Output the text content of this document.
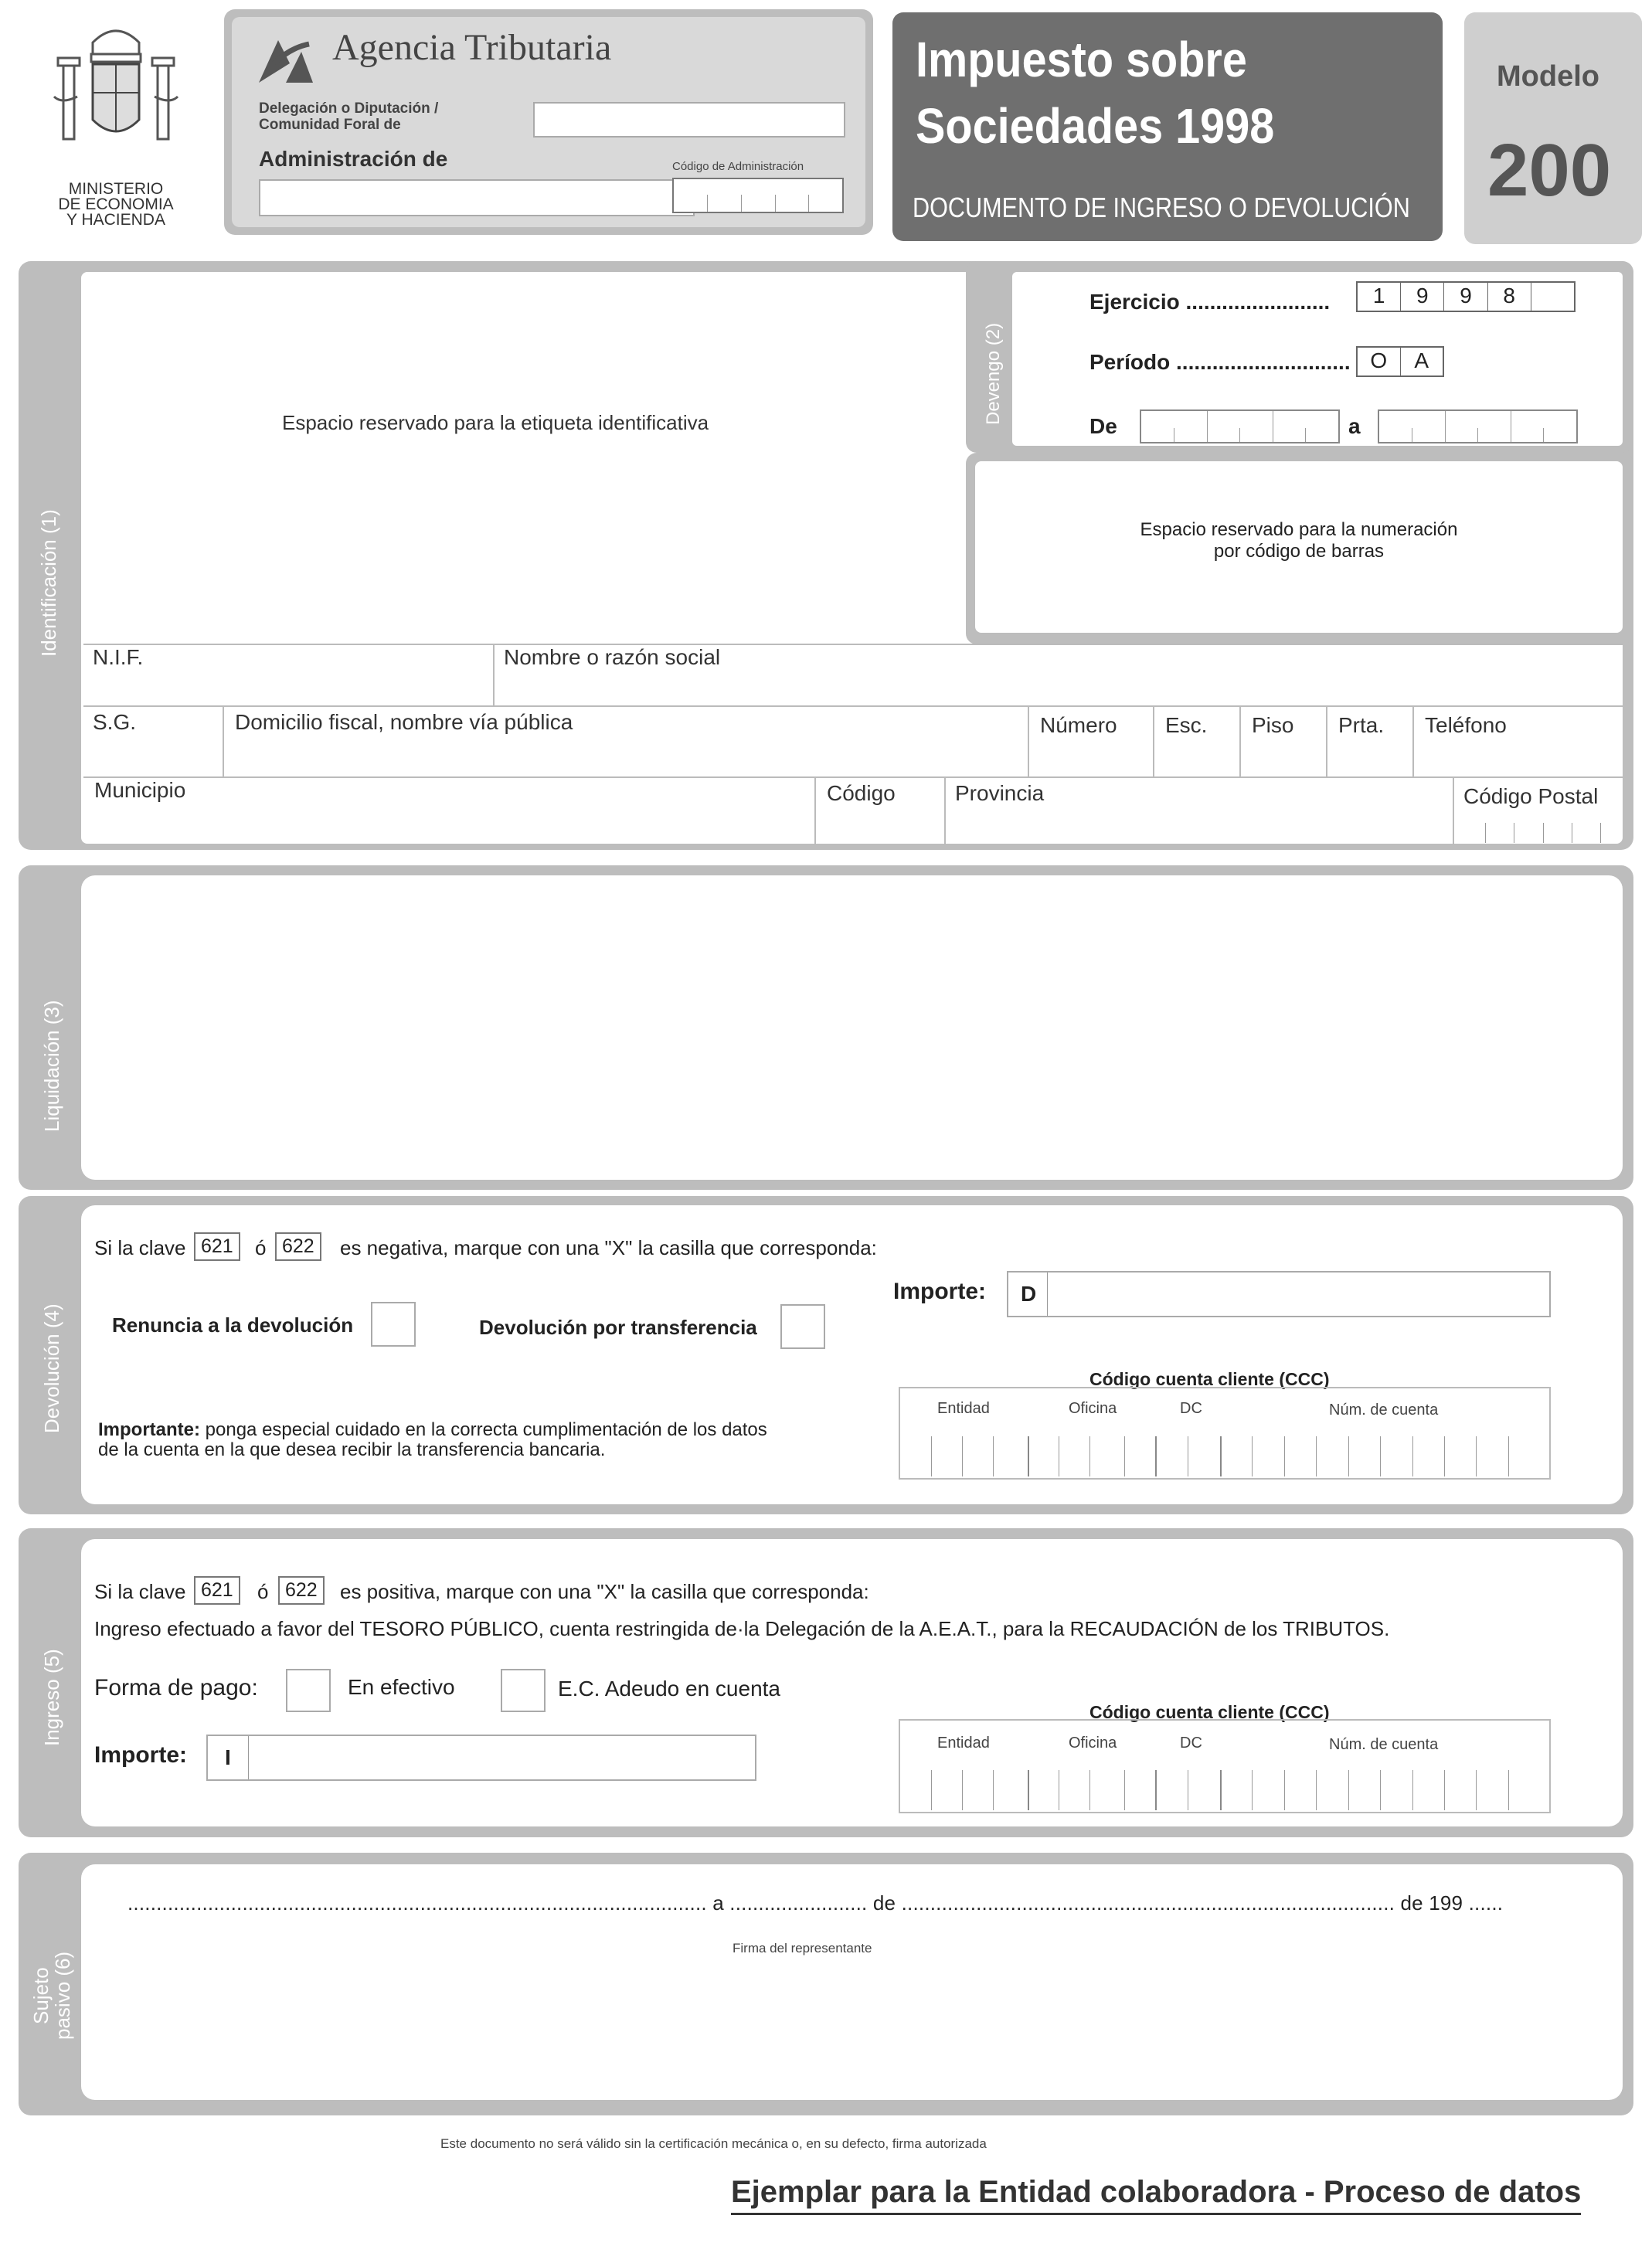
MINISTERIO
DE ECONOMIA
Y HACIENDA
Agencia Tributaria
Delegación o Diputación /
Comunidad Foral de
Administración de	Código de Administración
Impuesto sobre
Sociedades 1998
DOCUMENTO DE INGRESO O DEVOLUCIÓN
Modelo
200
Identificación (1)
Espacio reservado para la etiqueta identificativa	Devengo (2)
Ejercicio ........................	1	9	9	8
Período ............................. O	A
De	a
Espacio reservado para la numeración
por código de barras
N.I.F.	Nombre o razón social
S.G.	Domicilio fiscal, nombre vía pública	Número Esc. Piso Prta. Teléfono
Municipio	Código	Provincia	Código Postal
Liquidación (3)
Devolución (4)
Si la clave 621	ó 622	es negativa, marque con una "X" la casilla que corresponda:
Renuncia a la devolución	Devolución por transferencia
Importe: D
Código cuenta cliente (CCC)
Entidad	Oficina	DC	Núm. de cuenta
Importante: ponga especial cuidado en la correcta cumplimentación de los datos
de la cuenta en la que desea recibir la transferencia bancaria.
Ingreso (5)
Si la clave 621	ó 622	es positiva, marque con una "X" la casilla que corresponda:
Ingreso efectuado a favor del TESORO PÚBLICO, cuenta restringida de·la Delegación de la A.E.A.T., para la RECAUDACIÓN de los TRIBUTOS.
Forma de pago:	En efectivo	E.C. Adeudo en cuenta
Importe: I
Código cuenta cliente (CCC)
Entidad	Oficina	DC	Núm. de cuenta
Sujeto
pasivo (6)
..................................................................................................... a ........................ de ...................................................................................... de 199 ......
Firma del representante
Este documento no será válido sin la certificación mecánica o, en su defecto, firma autorizada
Ejemplar para la Entidad colaboradora - Proceso de datos
